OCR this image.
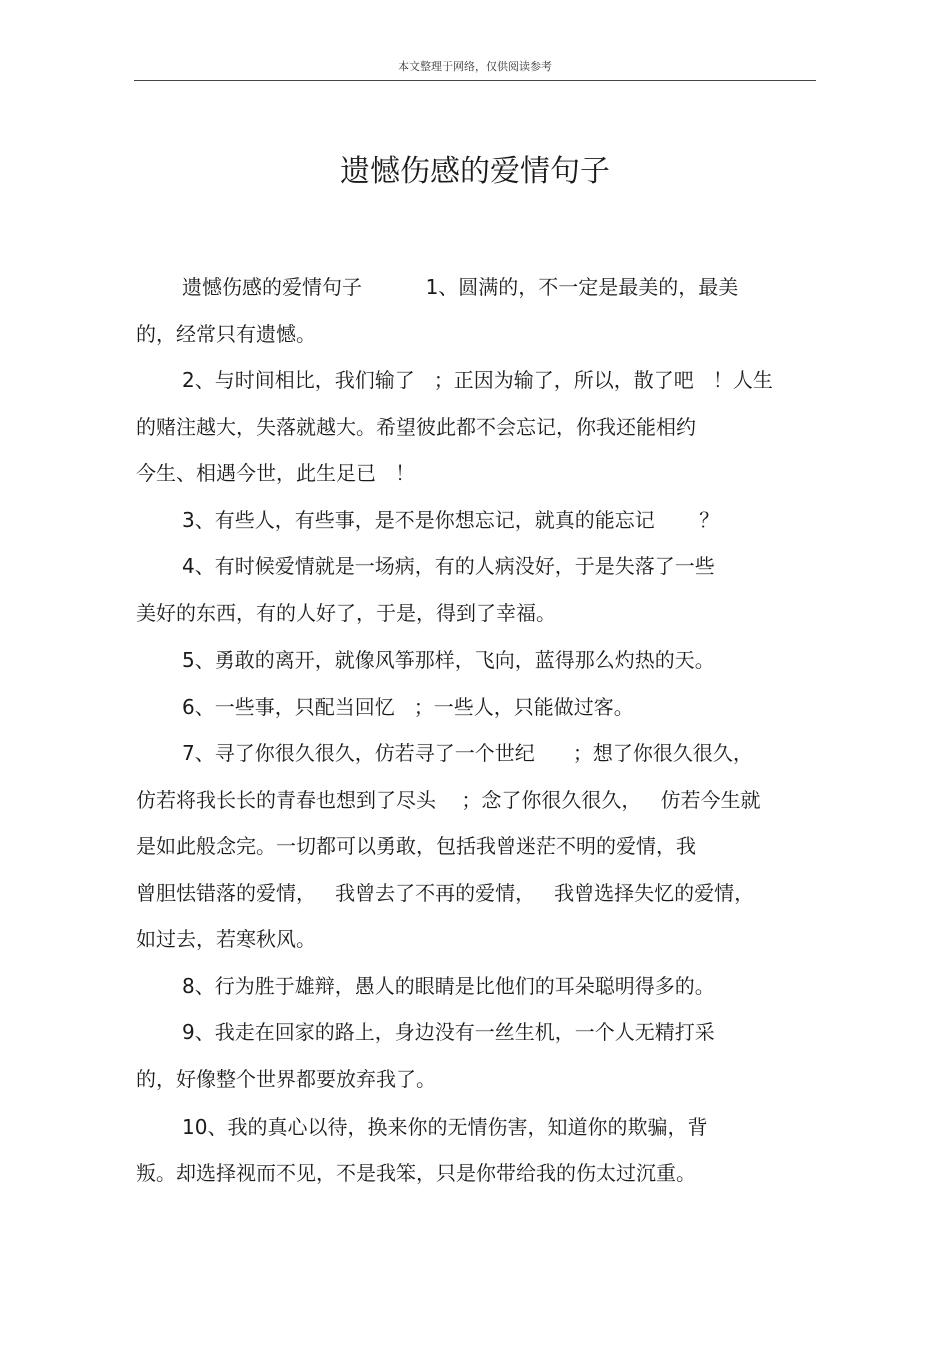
本文整理于网络，仅供阅读参考
遗憾伤感的爱情句子
遗憾伤感的爱情句子          1、圆满的，不一定是最美的，最美
的，经常只有遗憾。
2、与时间相比，我们输了   ；正因为输了，所以，散了吧   ！人生
的赌注越大，失落就越大。希望彼此都不会忘记，你我还能相约
今生、相遇今世，此生足已   ！
3、有些人，有些事，是不是你想忘记，就真的能忘记       ？
4、有时候爱情就是一场病，有的人病没好，于是失落了一些
美好的东西，有的人好了，于是，得到了幸福。
5、勇敢的离开，就像风筝那样，飞向，蓝得那么灼热的天。
6、一些事，只配当回忆   ；一些人，只能做过客。
7、寻了你很久很久，仿若寻了一个世纪      ；想了你很久很久，
仿若将我长长的青春也想到了尽头    ；念了你很久很久，   仿若今生就
是如此般念完。一切都可以勇敢，包括我曾迷茫不明的爱情，我
曾胆怯错落的爱情，   我曾去了不再的爱情，   我曾选择失忆的爱情，
如过去，若寒秋风。
8、行为胜于雄辩，愚人的眼睛是比他们的耳朵聪明得多的。
9、我走在回家的路上，身边没有一丝生机，一个人无精打采
的，好像整个世界都要放弃我了。
10、我的真心以待，换来你的无情伤害，知道你的欺骗，背
叛。却选择视而不见，不是我笨，只是你带给我的伤太过沉重。
